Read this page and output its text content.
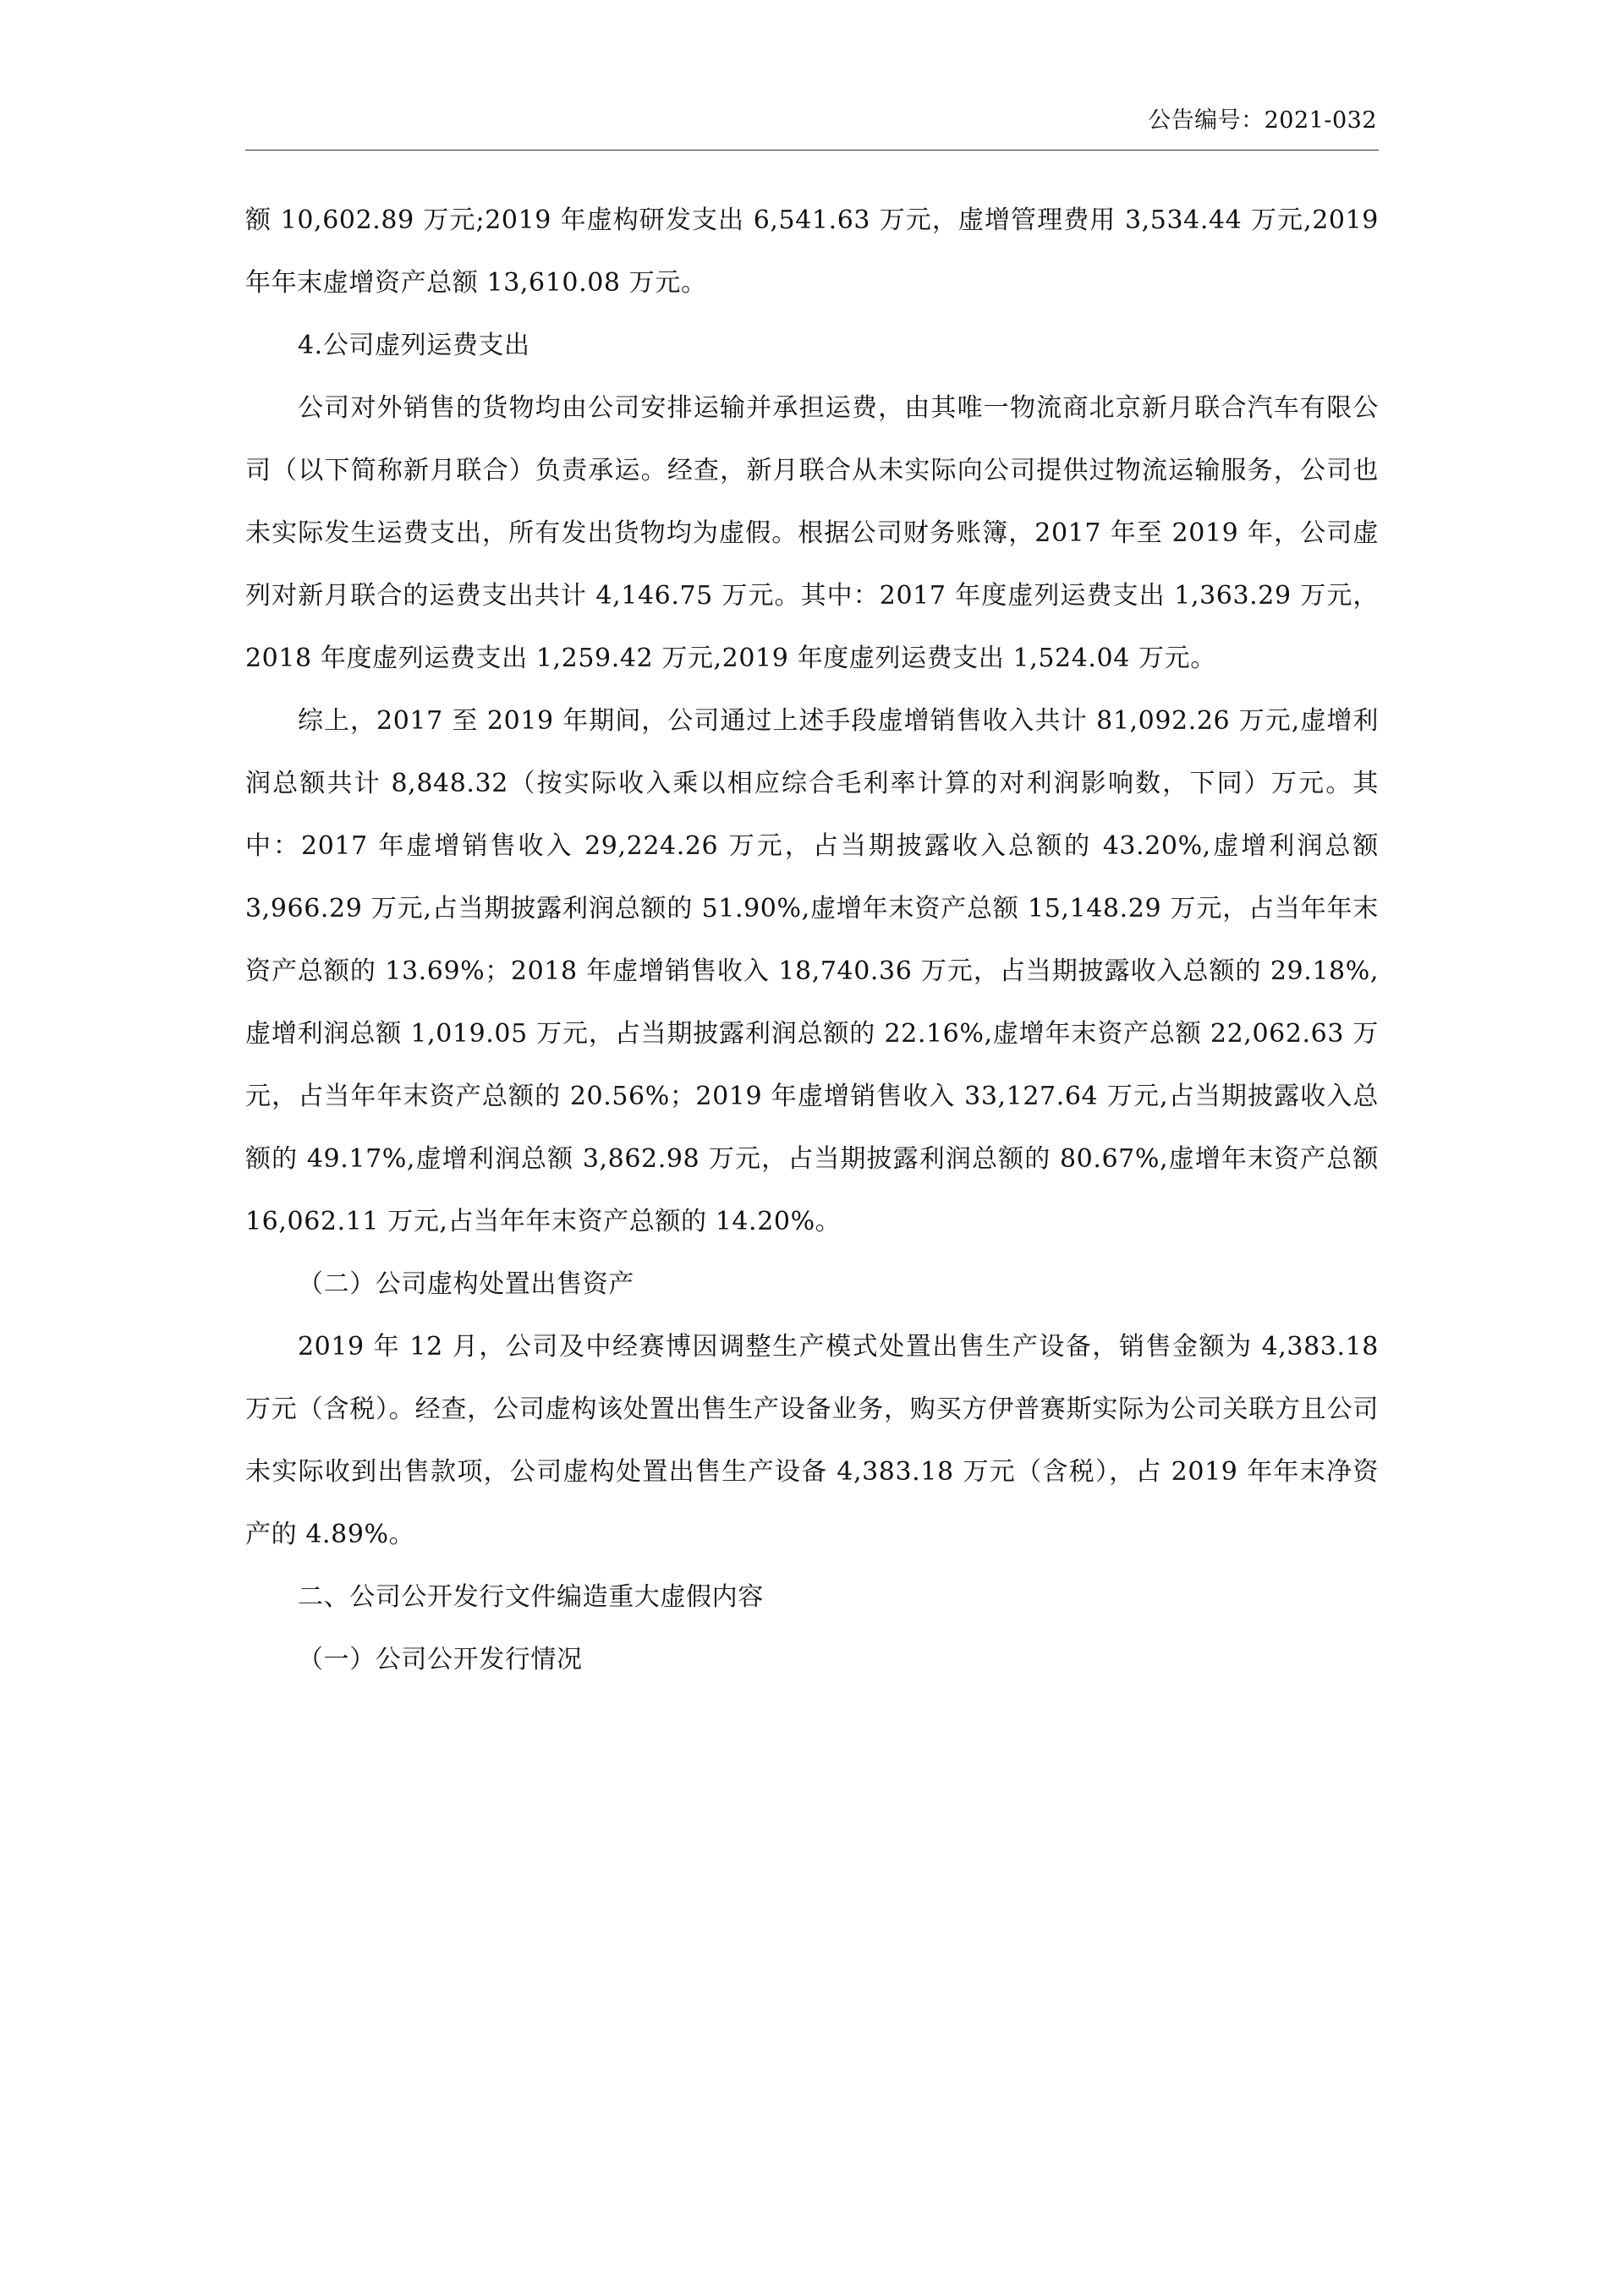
公告编号：2021-032

额 10,602.89 万元;2019 年虚构研发支出 6,541.63 万元，虚增管理费用 3,534.44 万元,2019 年年末虚增资产总额 13,610.08 万元。

4.公司虚列运费支出

公司对外销售的货物均由公司安排运输并承担运费，由其唯一物流商北京新月联合汽车有限公司（以下简称新月联合）负责承运。经查，新月联合从未实际向公司提供过物流运输服务，公司也未实际发生运费支出，所有发出货物均为虚假。根据公司财务账簿，2017 年至 2019 年，公司虚列对新月联合的运费支出共计 4,146.75 万元。其中：2017 年度虚列运费支出 1,363.29 万元，2018 年度虚列运费支出 1,259.42 万元,2019 年度虚列运费支出 1,524.04 万元。

综上，2017 至 2019 年期间，公司通过上述手段虚增销售收入共计 81,092.26 万元,虚增利润总额共计 8,848.32（按实际收入乘以相应综合毛利率计算的对利润影响数，下同）万元。其中：2017 年虚增销售收入 29,224.26 万元，占当期披露收入总额的 43.20%,虚增利润总额 3,966.29 万元,占当期披露利润总额的 51.90%,虚增年末资产总额 15,148.29 万元，占当年年末资产总额的 13.69%；2018 年虚增销售收入 18,740.36 万元，占当期披露收入总额的 29.18%,虚增利润总额 1,019.05 万元，占当期披露利润总额的 22.16%,虚增年末资产总额 22,062.63 万元，占当年年末资产总额的 20.56%；2019 年虚增销售收入 33,127.64 万元,占当期披露收入总额的 49.17%,虚增利润总额 3,862.98 万元，占当期披露利润总额的 80.67%,虚增年末资产总额 16,062.11 万元,占当年年末资产总额的 14.20%。

（二）公司虚构处置出售资产

2019 年 12 月，公司及中经赛博因调整生产模式处置出售生产设备，销售金额为 4,383.18 万元（含税）。经查，公司虚构该处置出售生产设备业务，购买方伊普赛斯实际为公司关联方且公司未实际收到出售款项，公司虚构处置出售生产设备 4,383.18 万元（含税），占 2019 年年末净资产的 4.89%。

二、公司公开发行文件编造重大虚假内容

（一）公司公开发行情况
